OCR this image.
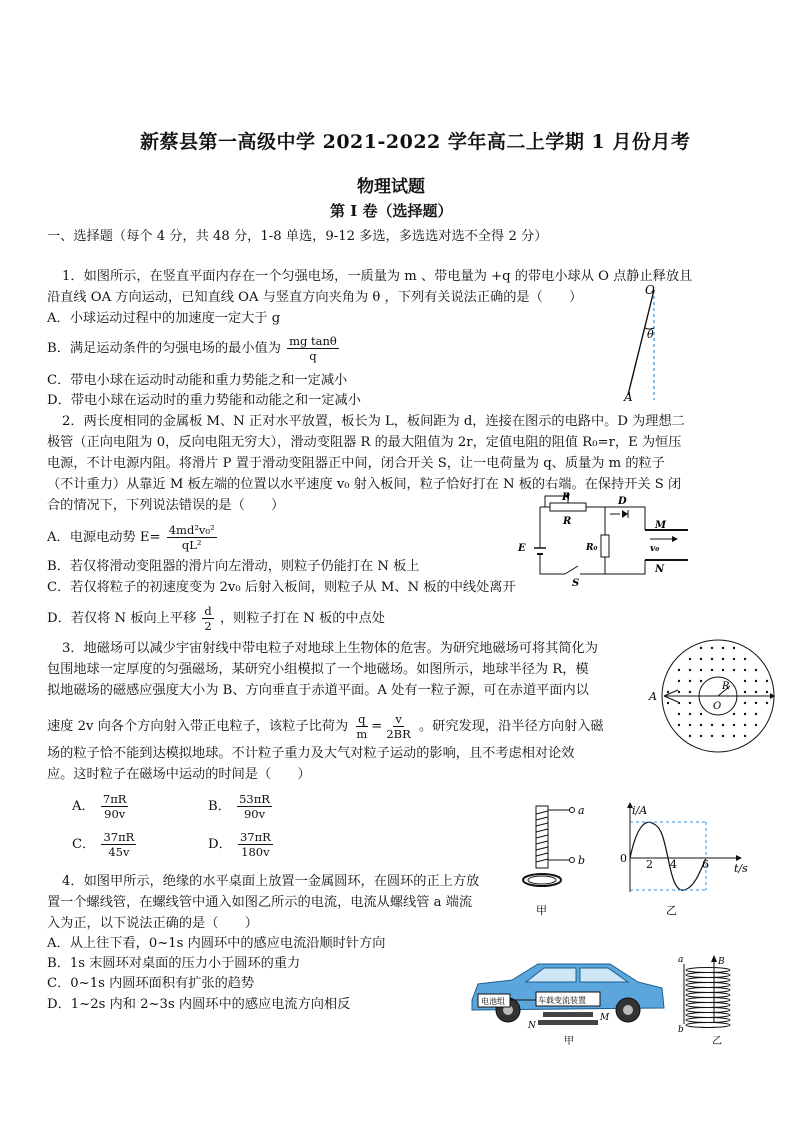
新蔡县第一高级中学 2021-2022 学年高二上学期 1 月份月考
物理试题
第 I 卷（选择题）
一、选择题（每个 4 分，共 48 分，1-8 单选，9-12 多选，多选选对选不全得 2 分）
1．如图所示，在竖直平面内存在一个匀强电场，一质量为 m 、带电量为 +q 的带电小球从 O 点静止释放且
沿直线 OA 方向运动，已知直线 OA 与竖直方向夹角为 θ ，下列有关说法正确的是（　　）
A．小球运动过程中的加速度一定大于 g
B．满足运动条件的匀强电场的最小值为 $\frac{\text{mg tanθ}}{q}$
C．带电小球在运动时动能和重力势能之和一定减小
D．带电小球在运动时的重力势能和动能之和一定减小
O
θ
A
2．两长度相同的金属板 M、N 正对水平放置，板长为 L，板间距为 d，连接在图示的电路中。D 为理想二
极管（正向电阻为 0，反向电阻无穷大），滑动变阻器 R 的最大阻值为 2r，定值电阻的阻值 R₀=r，E 为恒压
电源，不计电源内阻。将滑片 P 置于滑动变阻器正中间，闭合开关 S，让一电荷量为 q、质量为 m 的粒子
（不计重力）从靠近 M 板左端的位置以水平速度 v₀ 射入板间，粒子恰好打在 N 板的右端。在保持开关 S 闭
合的情况下，下列说法错误的是（　　）
A．电源电动势 $E= \frac{\text{4md²v₀²}}{\text{qL²}}$
B．若仅将滑动变阻器的滑片向左滑动，则粒子仍能打在 N 板上
C．若仅将粒子的初速度变为 2v₀ 后射入板间，则粒子从 M、N 板的中线处离开
D．若仅将 N 板向上平移 $\frac{d}{2}$ ，则粒子打在 N 板的中点处
P
R
D
M
E	R₀	v₀
N
S
3．地磁场可以减少宇宙射线中带电粒子对地球上生物体的危害。为研究地磁场可将其简化为
包围地球一定厚度的匀强磁场，某研究小组模拟了一个地磁场。如图所示，地球半径为 R，模
拟地磁场的磁感应强度大小为 B、方向垂直于赤道平面。A 处有一粒子源，可在赤道平面内以
速度 2v 向各个方向射入带正电粒子，该粒子比荷为 $\frac{q}{m} = \frac{v}{2BR}$ 。研究发现，沿半径方向射入磁
场的粒子恰不能到达模拟地球。不计粒子重力及大气对粒子运动的影响，且不考虑相对论效
应。这时粒子在磁场中运动的时间是（　　）
A． $\frac{7\pi R}{90v}$	B． $\frac{53\pi R}{90v}$
C． $\frac{37\pi R}{45v}$	D． $\frac{37\pi R}{180v}$
A
R
O
4．如图甲所示，绝缘的水平桌面上放置一金属圆环，在圆环的正上方放
置一个螺线管，在螺线管中通入如图乙所示的电流，电流从螺线管 a 端流
入为正，以下说法正确的是（　　）
A．从上往下看，0~1s 内圆环中的感应电流沿顺时针方向
B．1s 末圆环对桌面的压力小于圆环的重力
C．0~1s 内圆环面积有扩张的趋势
D．1~2s 内和 2~3s 内圆环中的感应电流方向相反
a
b
甲
i/A
t/s
0 2 4 6
乙
电池组	车载变流装置
N
M
甲
a	B
b
乙
